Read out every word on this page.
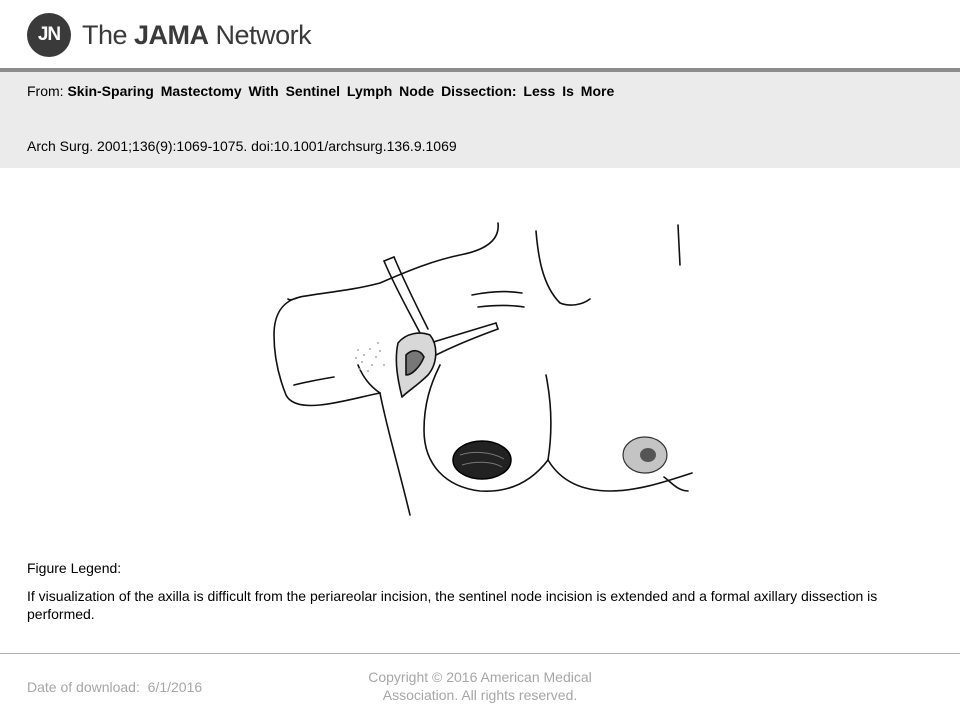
JN The JAMA Network
From: Skin-Sparing Mastectomy With Sentinel Lymph Node Dissection: Less Is More
Arch Surg. 2001;136(9):1069-1075. doi:10.1001/archsurg.136.9.1069
Figure Legend:
If visualization of the axilla is difficult from the periareolar incision, the sentinel node incision is extended and a formal axillary dissection is performed.
Date of download: 6/1/2016
Copyright © 2016 American Medical Association. All rights reserved.
